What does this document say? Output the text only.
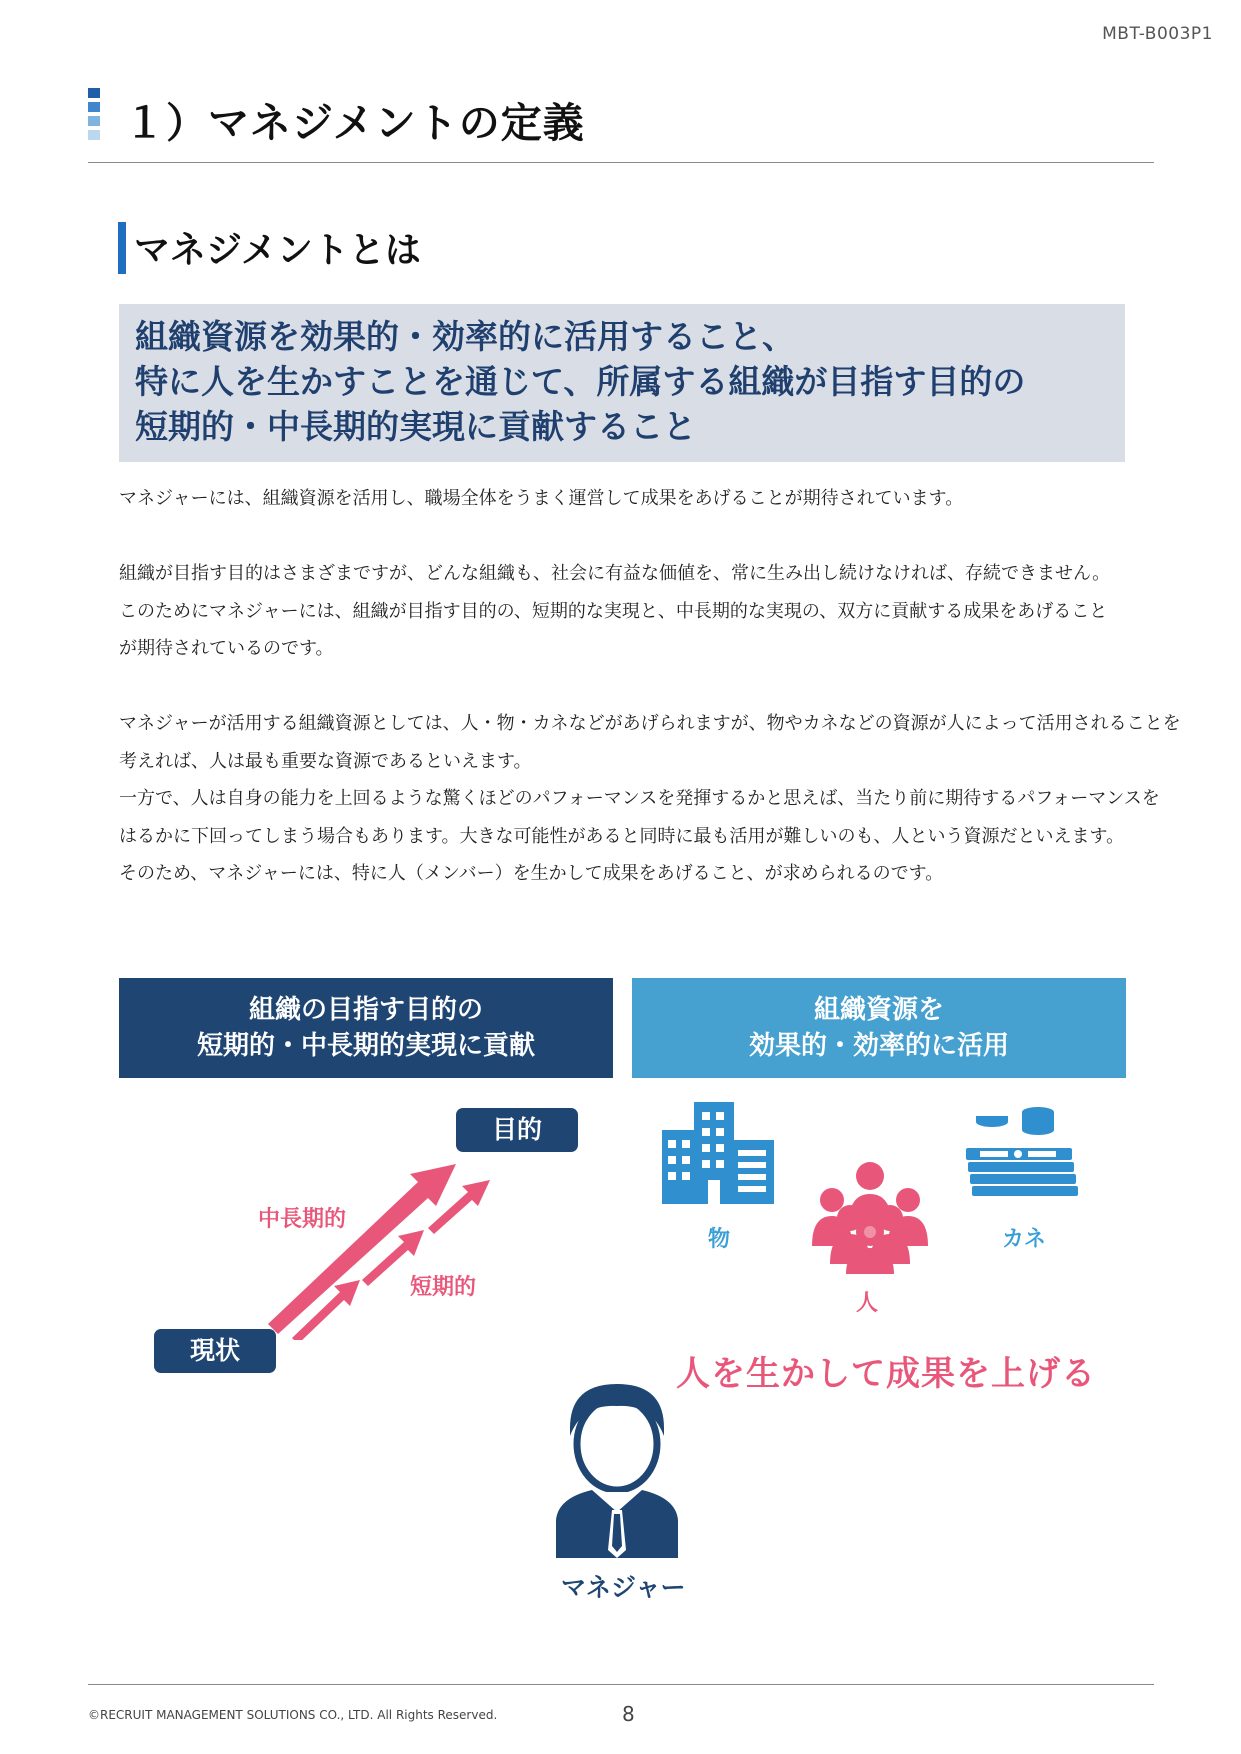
MBT-B003P1
１）マネジメントの定義
マネジメントとは
組織資源を効果的・効率的に活用すること、
特に人を生かすことを通じて、所属する組織が目指す目的の
短期的・中長期的実現に貢献すること
マネジャーには、組織資源を活用し、職場全体をうまく運営して成果をあげることが期待されています。
組織が目指す目的はさまざまですが、どんな組織も、社会に有益な価値を、常に生み出し続けなければ、存続できません。
このためにマネジャーには、組織が目指す目的の、短期的な実現と、中長期的な実現の、双方に貢献する成果をあげること
が期待されているのです。
マネジャーが活用する組織資源としては、人・物・カネなどがあげられますが、物やカネなどの資源が人によって活用されることを
考えれば、人は最も重要な資源であるといえます。
一方で、人は自身の能力を上回るような驚くほどのパフォーマンスを発揮するかと思えば、当たり前に期待するパフォーマンスを
はるかに下回ってしまう場合もあります。大きな可能性があると同時に最も活用が難しいのも、人という資源だといえます。
そのため、マネジャーには、特に人（メンバー）を生かして成果をあげること、が求められるのです。
組織の目指す目的の
短期的・中長期的実現に貢献
組織資源を
効果的・効率的に活用
目的
現状
中長期的
短期的
物	カネ
人
人を生かして成果を上げる
マネジャー
©RECRUIT MANAGEMENT SOLUTIONS CO., LTD. All Rights Reserved.	8
